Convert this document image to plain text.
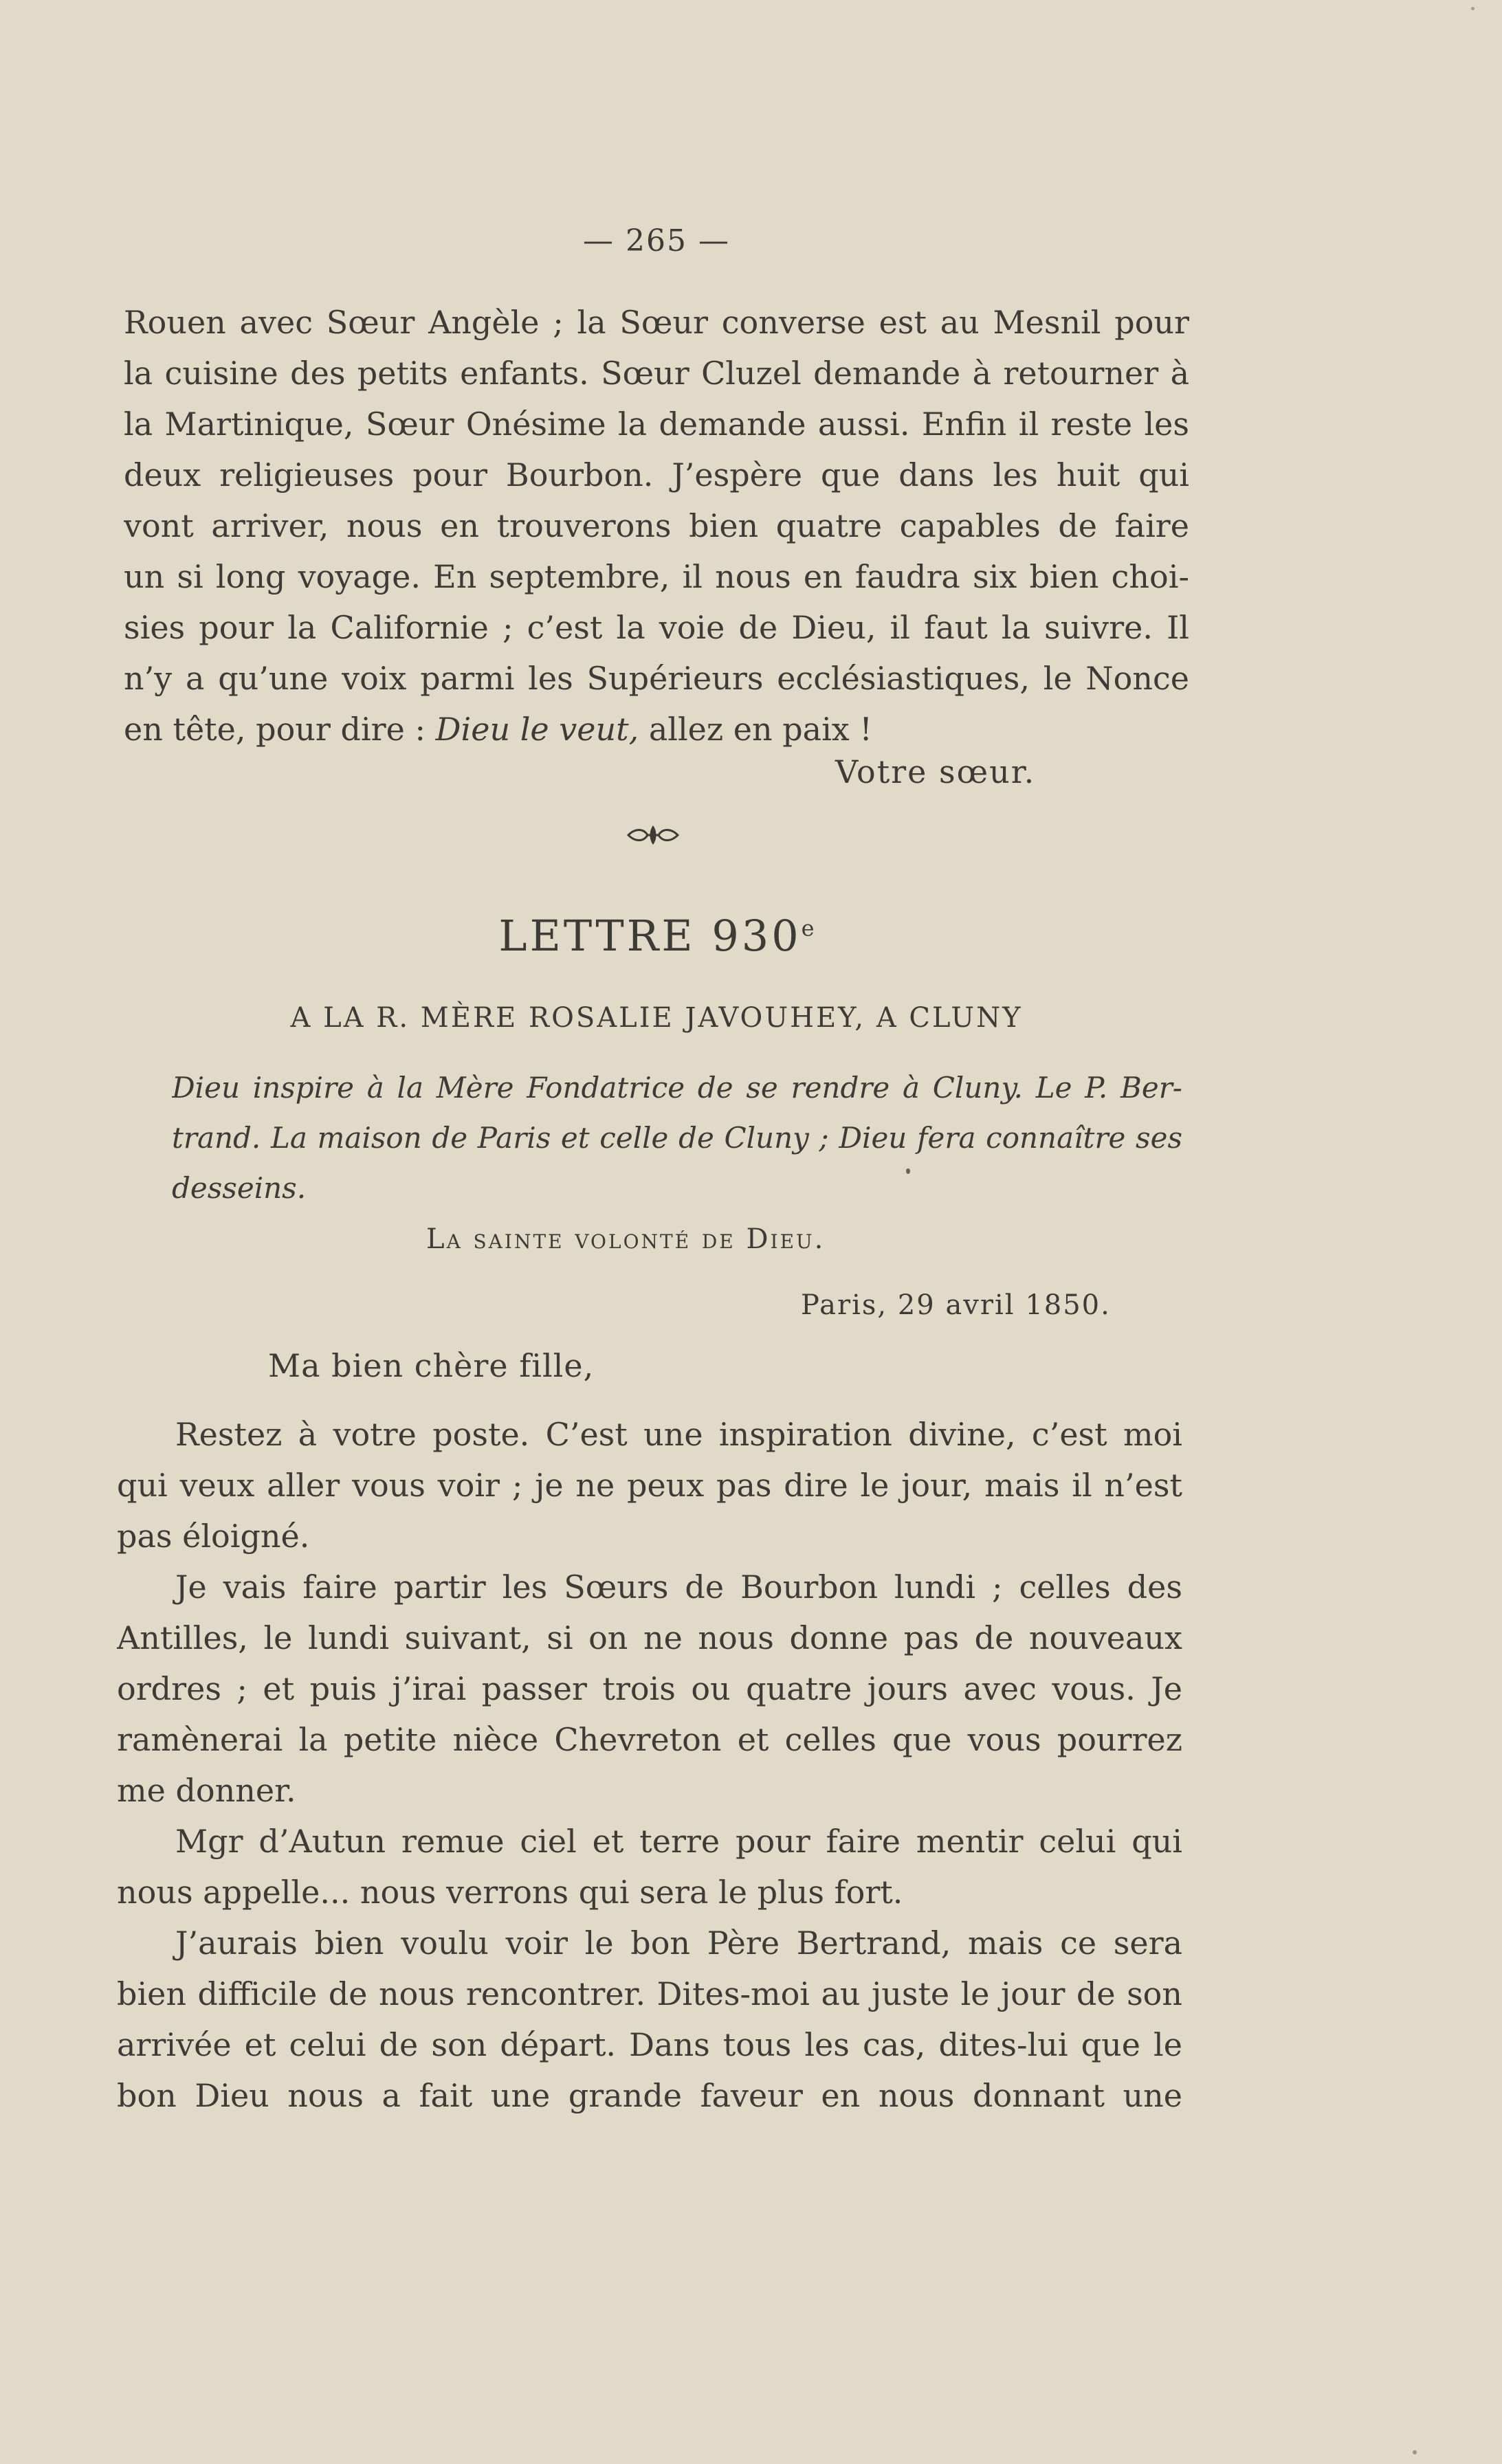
— 265 —
Rouen avec Sœur Angèle ; la Sœur converse est au Mesnil pour
la cuisine des petits enfants. Sœur Cluzel demande à retourner à
la Martinique, Sœur Onésime la demande aussi. Enfin il reste les
deux religieuses pour Bourbon. J’espère que dans les huit qui
vont arriver, nous en trouverons bien quatre capables de faire
un si long voyage. En septembre, il nous en faudra six bien choi-
sies pour la Californie ; c’est la voie de Dieu, il faut la suivre. Il
n’y a qu’une voix parmi les Supérieurs ecclésiastiques, le Nonce
en tête, pour dire : Dieu le veut, allez en paix !
Votre sœur.
LETTRE 930e
A LA R. MÈRE ROSALIE JAVOUHEY, A CLUNY
Dieu inspire à la Mère Fondatrice de se rendre à Cluny. Le P. Ber-
trand. La maison de Paris et celle de Cluny ; Dieu fera connaître ses
desseins.
La sainte volonté de Dieu.
Paris, 29 avril 1850.
Ma bien chère fille,
Restez à votre poste. C’est une inspiration divine, c’est moi
qui veux aller vous voir ; je ne peux pas dire le jour, mais il n’est
pas éloigné.
Je vais faire partir les Sœurs de Bourbon lundi ; celles des
Antilles, le lundi suivant, si on ne nous donne pas de nouveaux
ordres ; et puis j’irai passer trois ou quatre jours avec vous. Je
ramènerai la petite nièce Chevreton et celles que vous pourrez
me donner.
Mgr d’Autun remue ciel et terre pour faire mentir celui qui
nous appelle... nous verrons qui sera le plus fort.
J’aurais bien voulu voir le bon Père Bertrand, mais ce sera
bien difficile de nous rencontrer. Dites-moi au juste le jour de son
arrivée et celui de son départ. Dans tous les cas, dites-lui que le
bon Dieu nous a fait une grande faveur en nous donnant une
